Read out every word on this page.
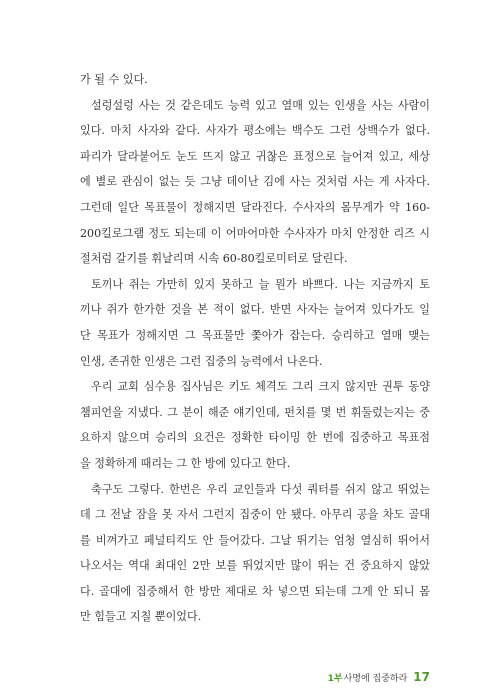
가 될 수 있다.
설렁설렁 사는 것 같은데도 능력 있고 열매 있는 인생을 사는 사람이
있다. 마치 사자와 같다. 사자가 평소에는 백수도 그런 상백수가 없다.
파리가 달라붙어도 눈도 뜨지 않고 귀찮은 표정으로 늘어져 있고, 세상
에 별로 관심이 없는 듯 그냥 데이난 김에 사는 것처럼 사는 게 사자다.
그런데 일단 목표물이 정해지면 달라진다. 수사자의 몸무게가 약 160-
200킬로그램 정도 되는데 이 어마어마한 수사자가 마치 안정한 리즈 시
절처럼 갈기를 휘날리며 시속 60-80킬로미터로 달린다.
토끼나 쥐는 가만히 있지 못하고 늘 뭔가 바쁘다. 나는 지금까지 토
끼나 쥐가 한가한 것을 본 적이 없다. 반면 사자는 늘어져 있다가도 일
단 목표가 정해지면 그 목표물만 쫓아가 잡는다. 승리하고 열매 맺는
인생, 존귀한 인생은 그런 집중의 능력에서 나온다.
우리 교회 심수용 집사님은 키도 체격도 그리 크지 않지만 권투 동양
챔피언을 지냈다. 그 분이 해준 얘기인데, 펀치를 몇 번 휘둘렀는지는 중
요하지 않으며 승리의 요건은 정확한 타이밍 한 번에 집중하고 목표점
을 정확하게 때리는 그 한 방에 있다고 한다.
축구도 그렇다. 한번은 우리 교인들과 다섯 쿼터를 쉬지 않고 뛰었는
데 그 전날 잠을 못 자서 그런지 집중이 안 됐다. 아무리 공을 차도 골대
를 비껴가고 페널티킥도 안 들어갔다. 그날 뛰기는 엄청 열심히 뛰어서
나오서는 역대 최대인 2만 보를 뛰었지만 많이 뛰는 건 중요하지 않았
다. 골대에 집중해서 한 방만 제대로 차 넣으면 되는데 그게 안 되니 몸
만 힘들고 지칠 뿐이었다.
1부 사명에 집중하라 17
